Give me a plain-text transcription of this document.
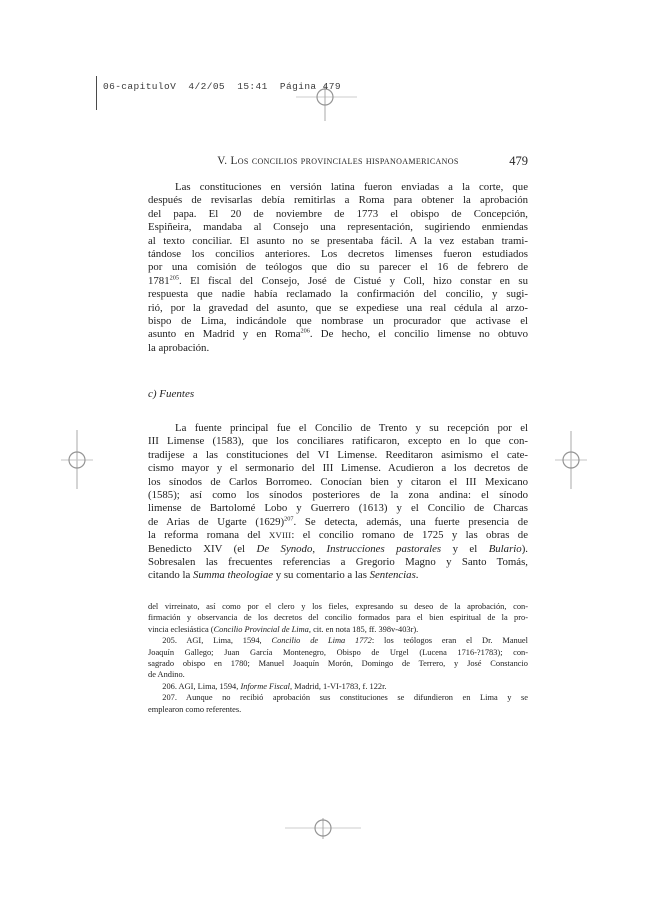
06-capituloV  4/2/05  15:41  Página 479
V. Los concilios provinciales hispanoamericanos	479
Las constituciones en versión latina fueron enviadas a la corte, que
después de revisarlas debía remitirlas a Roma para obtener la aprobación
del papa. El 20 de noviembre de 1773 el obispo de Concepción,
Espiñeira, mandaba al Consejo una representación, sugiriendo enmiendas
al texto conciliar. El asunto no se presentaba fácil. A la vez estaban trami-
tándose los concilios anteriores. Los decretos limenses fueron estudiados
por una comisión de teólogos que dio su parecer el 16 de febrero de
1781$^{205}$. El fiscal del Consejo, José de Cistué y Coll, hizo constar en su
respuesta que nadie había reclamado la confirmación del concilio, y sugi-
rió, por la gravedad del asunto, que se expediese una real cédula al arzo-
bispo de Lima, indicándole que nombrase un procurador que activase el
asunto en Madrid y en Roma$^{206}$. De hecho, el concilio limense no obtuvo
la aprobación.
c) Fuentes
La fuente principal fue el Concilio de Trento y su recepción por el
III Limense (1583), que los conciliares ratificaron, excepto en lo que con-
tradijese a las constituciones del VI Limense. Reeditaron asimismo el cate-
cismo mayor y el sermonario del III Limense. Acudieron a los decretos de
los sínodos de Carlos Borromeo. Conocían bien y citaron el III Mexicano
(1585); así como los sínodos posteriores de la zona andina: el sínodo
limense de Bartolomé Lobo y Guerrero (1613) y el Concilio de Charcas
de Arias de Ugarte $(1629)^{207}$. Se detecta, además, una fuerte presencia de
la reforma romana del XVIII: el concilio romano de 1725 y las obras de
Benedicto XIV (el De Synodo, Instrucciones pastorales y el Bulario).
Sobresalen las frecuentes referencias a Gregorio Magno y Santo Tomás,
citando la Summa theologiae y su comentario a las Sentencias.
del virreinato, así como por el clero y los fieles, expresando su deseo de la aprobación, con-
firmación y observancia de los decretos del concilio formados para el bien espiritual de la pro-
vincia eclesiástica (Concilio Provincial de Lima, cit. en nota 185, ff. 398v-403r).
205. AGI, Lima, 1594, Concilio de Lima 1772: los teólogos eran el Dr. Manuel
Joaquín Gallego; Juan García Montenegro, Obispo de Urgel (Lucena 1716-?1783); con-
sagrado obispo en 1780; Manuel Joaquín Morón, Domingo de Terrero, y José Constancio
de Andino.
206. AGI, Lima, 1594, Informe Fiscal, Madrid, 1-VI-1783, f. 122r.
207. Aunque no recibió aprobación sus constituciones se difundieron en Lima y se
emplearon como referentes.
